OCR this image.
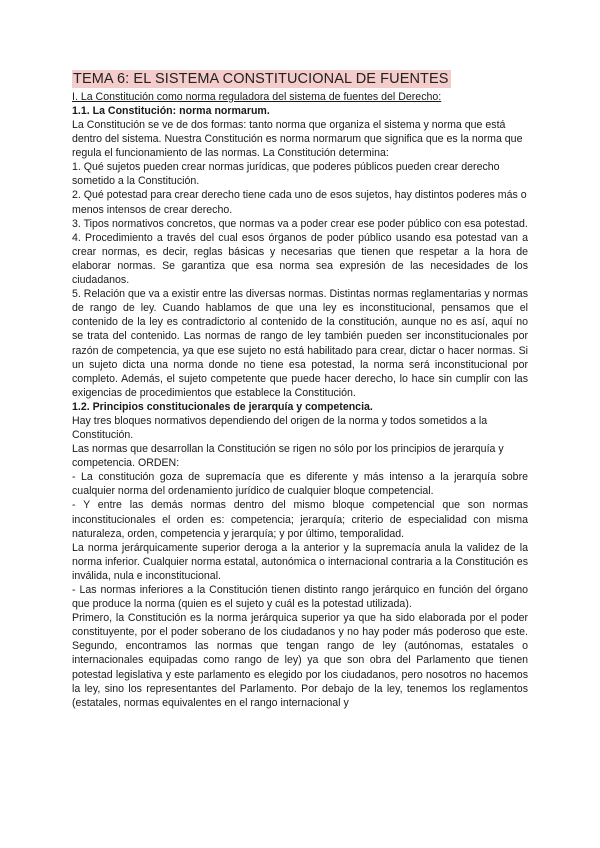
TEMA 6: EL SISTEMA CONSTITUCIONAL DE FUENTES

I. La Constitución como norma reguladora del sistema de fuentes del Derecho:

1.1. La Constitución: norma normarum.

La Constitución se ve de dos formas: tanto norma que organiza el sistema y norma que está dentro del sistema. Nuestra Constitución es norma normarum que significa que es la norma que regula el funcionamiento de las normas. La Constitución determina:

1. Qué sujetos pueden crear normas jurídicas, que poderes públicos pueden crear derecho sometido a la Constitución.

2. Qué potestad para crear derecho tiene cada uno de esos sujetos, hay distintos poderes más o menos intensos de crear derecho.

3. Tipos normativos concretos, que normas va a poder crear ese poder público con esa potestad.

4. Procedimiento a través del cual esos órganos de poder público usando esa potestad van a crear normas, es decir, reglas básicas y necesarias que tienen que respetar a la hora de elaborar normas. Se garantiza que esa norma sea expresión de las necesidades de los ciudadanos.

5. Relación que va a existir entre las diversas normas. Distintas normas reglamentarias y normas de rango de ley. Cuando hablamos de que una ley es inconstitucional, pensamos que el contenido de la ley es contradictorio al contenido de la constitución, aunque no es así, aquí no se trata del contenido. Las normas de rango de ley también pueden ser inconstitucionales por razón de competencia, ya que ese sujeto no está habilitado para crear, dictar o hacer normas. Si un sujeto dicta una norma donde no tiene esa potestad, la norma será inconstitucional por completo. Además, el sujeto competente que puede hacer derecho, lo hace sin cumplir con las exigencias de procedimientos que establece la Constitución.

1.2. Principios constitucionales de jerarquía y competencia.

Hay tres bloques normativos dependiendo del origen de la norma y todos sometidos a la Constitución.

Las normas que desarrollan la Constitución se rigen no sólo por los principios de jerarquía y competencia. ORDEN:

- La constitución goza de supremacía que es diferente y más intenso a la jerarquía sobre cualquier norma del ordenamiento jurídico de cualquier bloque competencial.

- Y entre las demás normas dentro del mismo bloque competencial que son normas inconstitucionales el orden es: competencia; jerarquía; criterio de especialidad con misma naturaleza, orden, competencia y jerarquía; y por último, temporalidad.

La norma jerárquicamente superior deroga a la anterior y la supremacía anula la validez de la norma inferior. Cualquier norma estatal, autonómica o internacional contraria a la Constitución es inválida, nula e inconstitucional.

- Las normas inferiores a la Constitución tienen distinto rango jerárquico en función del órgano que produce la norma (quien es el sujeto y cuál es la potestad utilizada).

Primero, la Constitución es la norma jerárquica superior ya que ha sido elaborada por el poder constituyente, por el poder soberano de los ciudadanos y no hay poder más poderoso que este. Segundo, encontramos las normas que tengan rango de ley (autónomas, estatales o internacionales equipadas como rango de ley) ya que son obra del Parlamento que tienen potestad legislativa y este parlamento es elegido por los ciudadanos, pero nosotros no hacemos la ley, sino los representantes del Parlamento. Por debajo de la ley, tenemos los reglamentos (estatales, normas equivalentes en el rango internacional y
